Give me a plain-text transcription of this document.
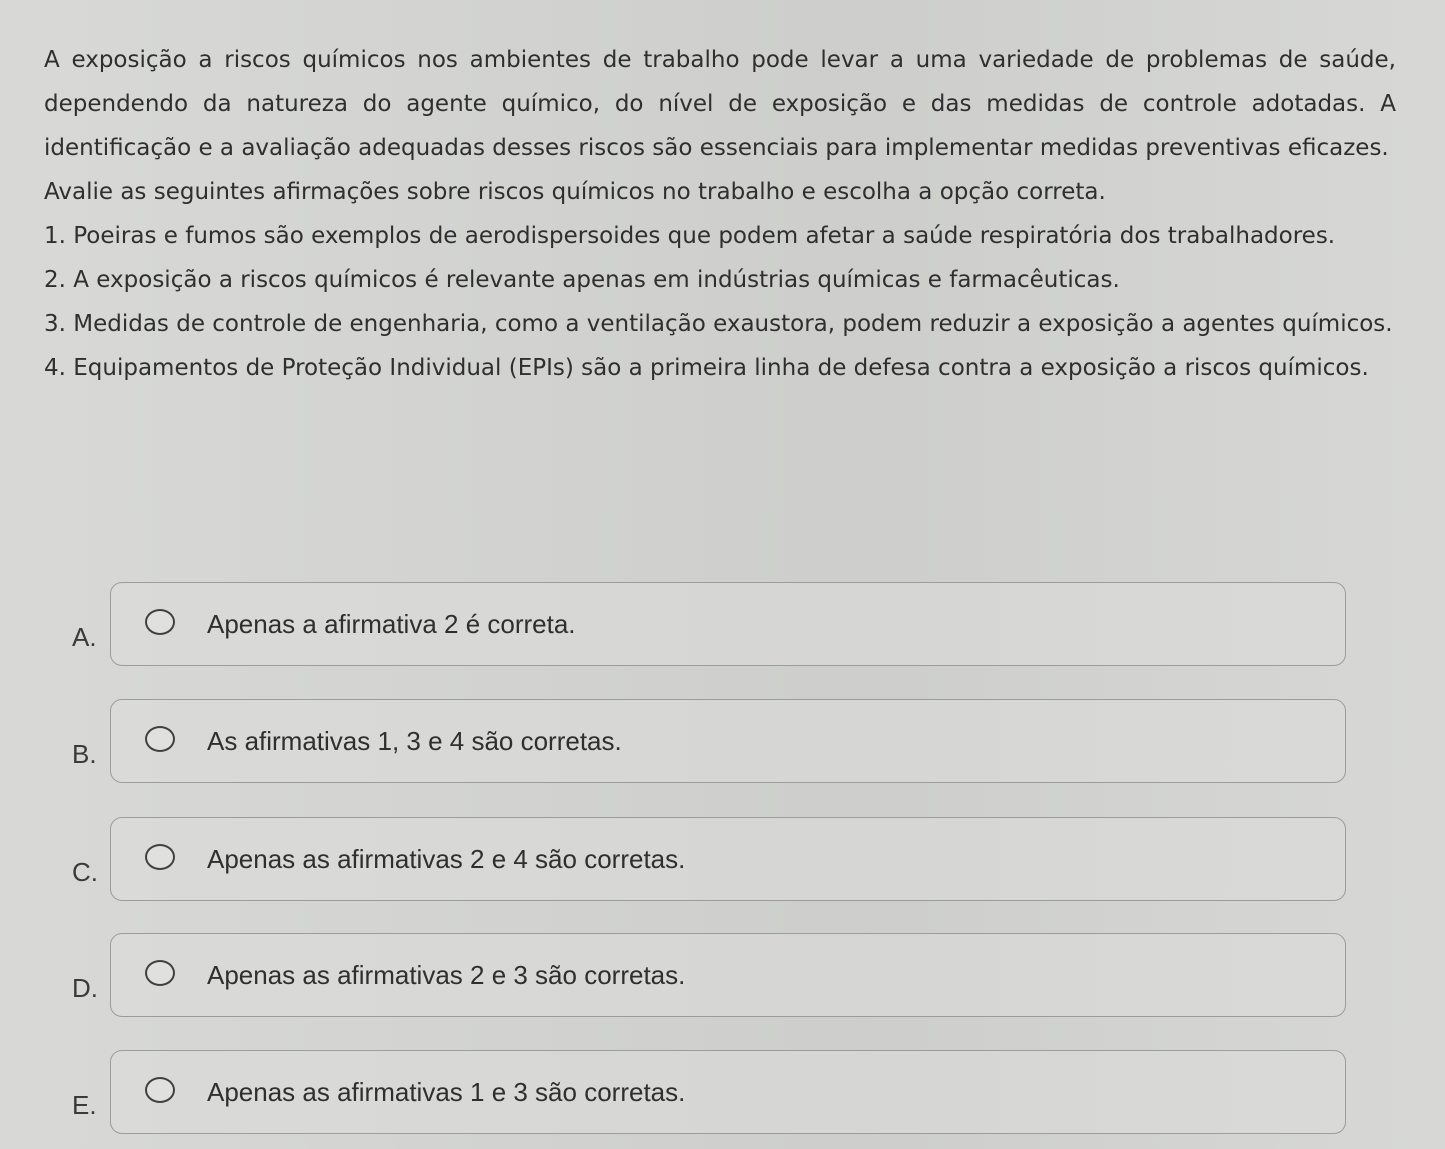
A exposição a riscos químicos nos ambientes de trabalho pode levar a uma variedade de problemas de saúde, dependendo da natureza do agente químico, do nível de exposição e das medidas de controle adotadas. A identificação e a avaliação adequadas desses riscos são essenciais para implementar medidas preventivas eficazes.

Avalie as seguintes afirmações sobre riscos químicos no trabalho e escolha a opção correta.

1. Poeiras e fumos são exemplos de aerodispersoides que podem afetar a saúde respiratória dos trabalhadores.

2. A exposição a riscos químicos é relevante apenas em indústrias químicas e farmacêuticas.

3. Medidas de controle de engenharia, como a ventilação exaustora, podem reduzir a exposição a agentes químicos.

4. Equipamentos de Proteção Individual (EPIs) são a primeira linha de defesa contra a exposição a riscos químicos.

A.	Apenas a afirmativa 2 é correta.
B.	As afirmativas 1, 3 e 4 são corretas.
C.	Apenas as afirmativas 2 e 4 são corretas.
D.	Apenas as afirmativas 2 e 3 são corretas.
E.	Apenas as afirmativas 1 e 3 são corretas.
